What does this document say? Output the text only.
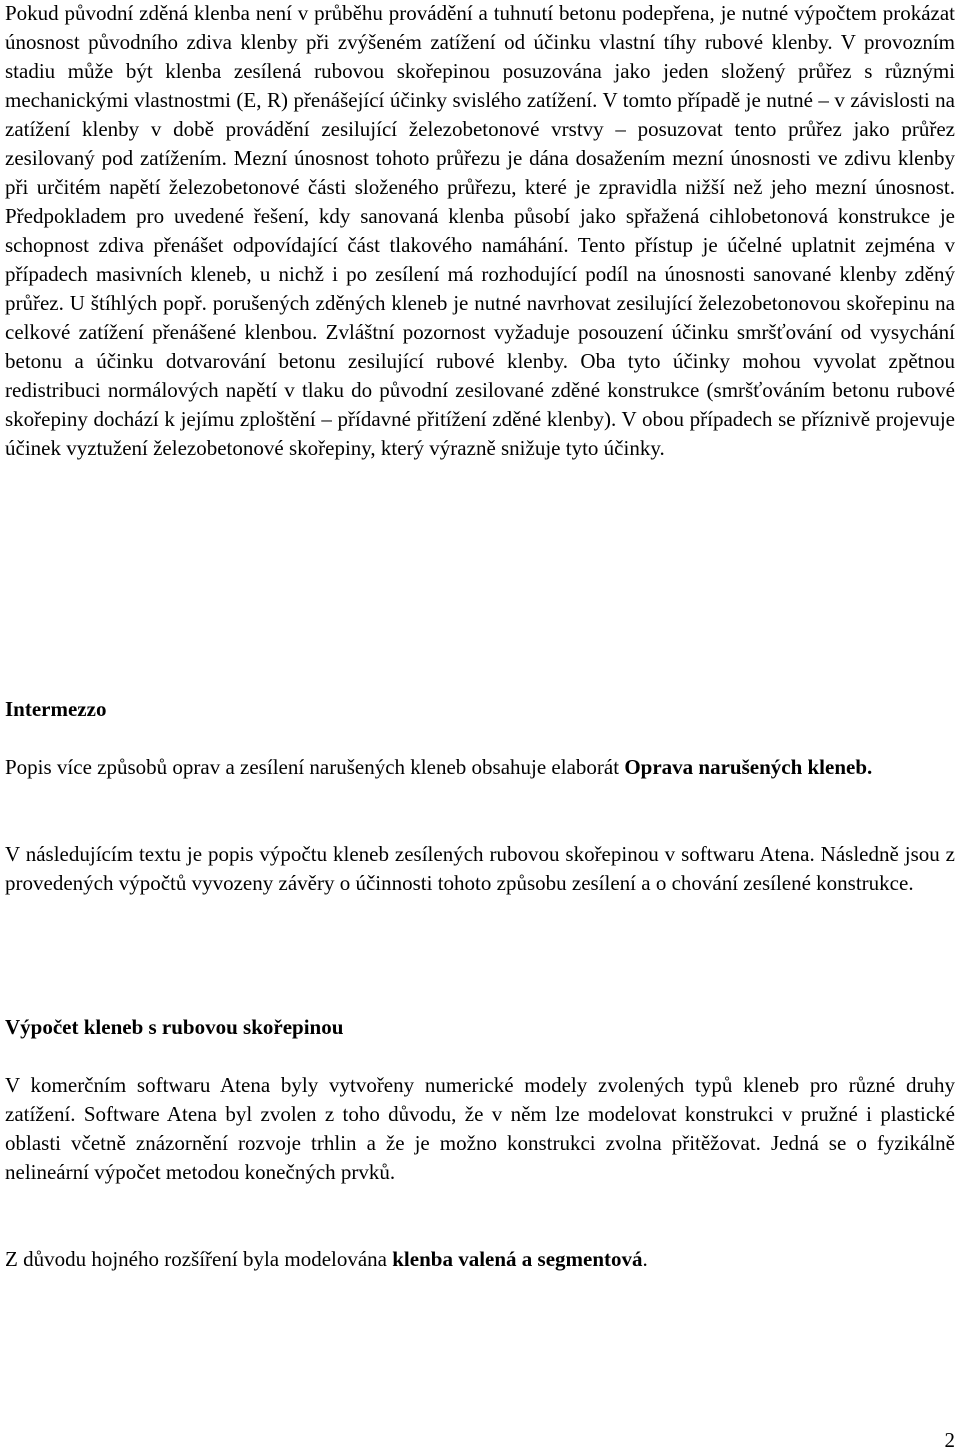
Pokud původní zděná klenba není v průběhu provádění a tuhnutí betonu podepřena, je nutné výpočtem prokázat únosnost původního zdiva klenby při zvýšeném zatížení od účinku vlastní tíhy rubové klenby. V provozním stadiu může být klenba zesílená rubovou skořepinou posuzována jako jeden složený průřez s různými mechanickými vlastnostmi (E, R) přenášející účinky svislého zatížení. V tomto případě je nutné – v závislosti na zatížení klenby v době provádění zesilující železobetonové vrstvy – posuzovat tento průřez jako průřez zesilovaný pod zatížením. Mezní únosnost tohoto průřezu je dána dosažením mezní únosnosti ve zdivu klenby při určitém napětí železobetonové části složeného průřezu, které je zpravidla nižší než jeho mezní únosnost. Předpokladem pro uvedené řešení, kdy sanovaná klenba působí jako spřažená cihlobetonová konstrukce je schopnost zdiva přenášet odpovídající část tlakového namáhání. Tento přístup je účelné uplatnit zejména v případech masivních kleneb, u nichž i po zesílení má rozhodující podíl na únosnosti sanované klenby zděný průřez. U štíhlých popř. porušených zděných kleneb je nutné navrhovat zesilující železobetonovou skořepinu na celkové zatížení přenášené klenbou. Zvláštní pozornost vyžaduje posouzení účinku smršťování od vysychání betonu a účinku dotvarování betonu zesilující rubové klenby. Oba tyto účinky mohou vyvolat zpětnou redistribuci normálových napětí v tlaku do původní zesilované zděné konstrukce (smršťováním betonu rubové skořepiny dochází k jejímu zploštění – přídavné přitížení zděné klenby). V obou případech se příznivě projevuje účinek vyztužení železobetonové skořepiny, který výrazně snižuje tyto účinky.

Intermezzo

Popis více způsobů oprav a zesílení narušených kleneb obsahuje elaborát Oprava narušených kleneb.

V následujícím textu je popis výpočtu kleneb zesílených rubovou skořepinou v softwaru Atena. Následně jsou z provedených výpočtů vyvozeny závěry o účinnosti tohoto způsobu zesílení a o chování zesílené konstrukce.

Výpočet kleneb s rubovou skořepinou

V komerčním softwaru Atena byly vytvořeny numerické modely zvolených typů kleneb pro různé druhy zatížení. Software Atena byl zvolen z toho důvodu, že v něm lze modelovat konstrukci v pružné i plastické oblasti včetně znázornění rozvoje trhlin a že je možno konstrukci zvolna přitěžovat. Jedná se o fyzikálně nelineární výpočet metodou konečných prvků.

Z důvodu hojného rozšíření byla modelována klenba valená a segmentová.

2
